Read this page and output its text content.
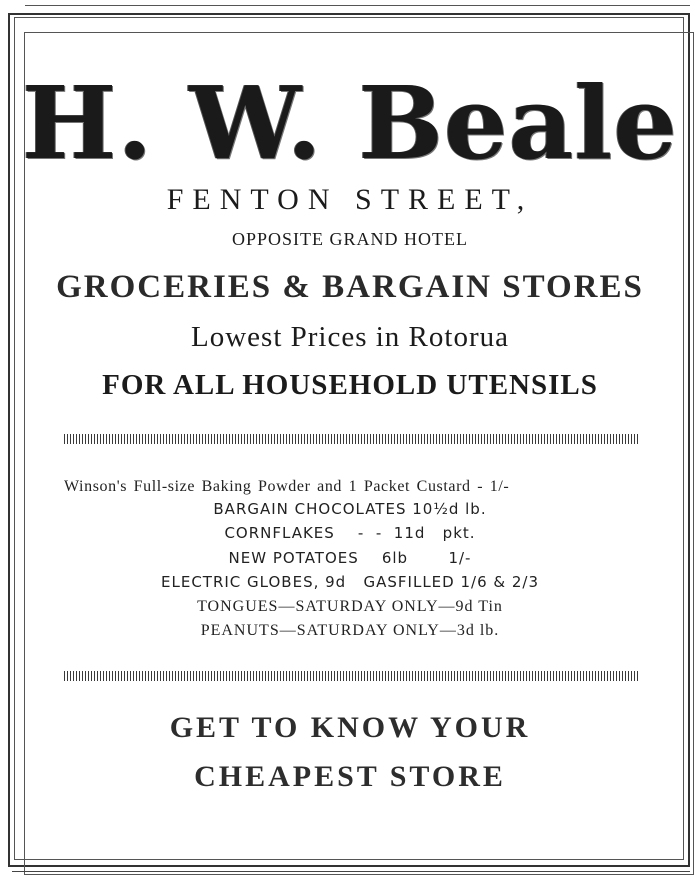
H. W. Beale
FENTON STREET,
OPPOSITE GRAND HOTEL
GROCERIES & BARGAIN STORES
Lowest Prices in Rotorua
FOR ALL HOUSEHOLD UTENSILS
Winson's Full-size Baking Powder and 1 Packet Custard - 1/-
BARGAIN CHOCOLATES 10½d lb.
CORNFLAKES    -  -  11d   pkt.
NEW POTATOES    6lb       1/-
ELECTRIC GLOBES, 9d   GASFILLED 1/6 & 2/3
TONGUES—SATURDAY ONLY—9d Tin
PEANUTS—SATURDAY ONLY—3d lb.
GET TO KNOW YOUR
CHEAPEST STORE
